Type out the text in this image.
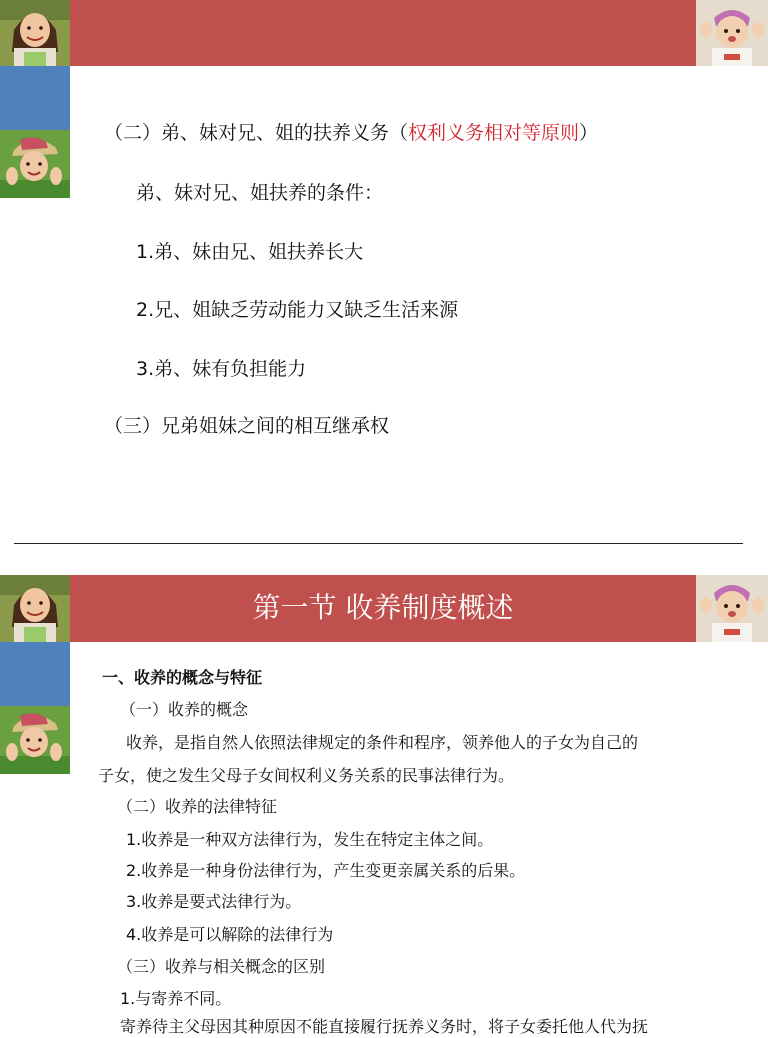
（二）弟、妹对兄、姐的扶养义务（权利义务相对等原则）
弟、妹对兄、姐扶养的条件：
1.弟、妹由兄、姐扶养长大
2.兄、姐缺乏劳动能力又缺乏生活来源
3.弟、妹有负担能力
（三）兄弟姐妹之间的相互继承权
第一节 收养制度概述
一、收养的概念与特征
（一）收养的概念
收养，是指自然人依照法律规定的条件和程序，领养他人的子女为自己的
子女，使之发生父母子女间权利义务关系的民事法律行为。
（二）收养的法律特征
1.收养是一种双方法律行为，发生在特定主体之间。
2.收养是一种身份法律行为，产生变更亲属关系的后果。
3.收养是要式法律行为。
4.收养是可以解除的法律行为
（三）收养与相关概念的区别
1.与寄养不同。
寄养待主父母因其种原因不能直接履行抚养义务时，将子女委托他人代为抚
